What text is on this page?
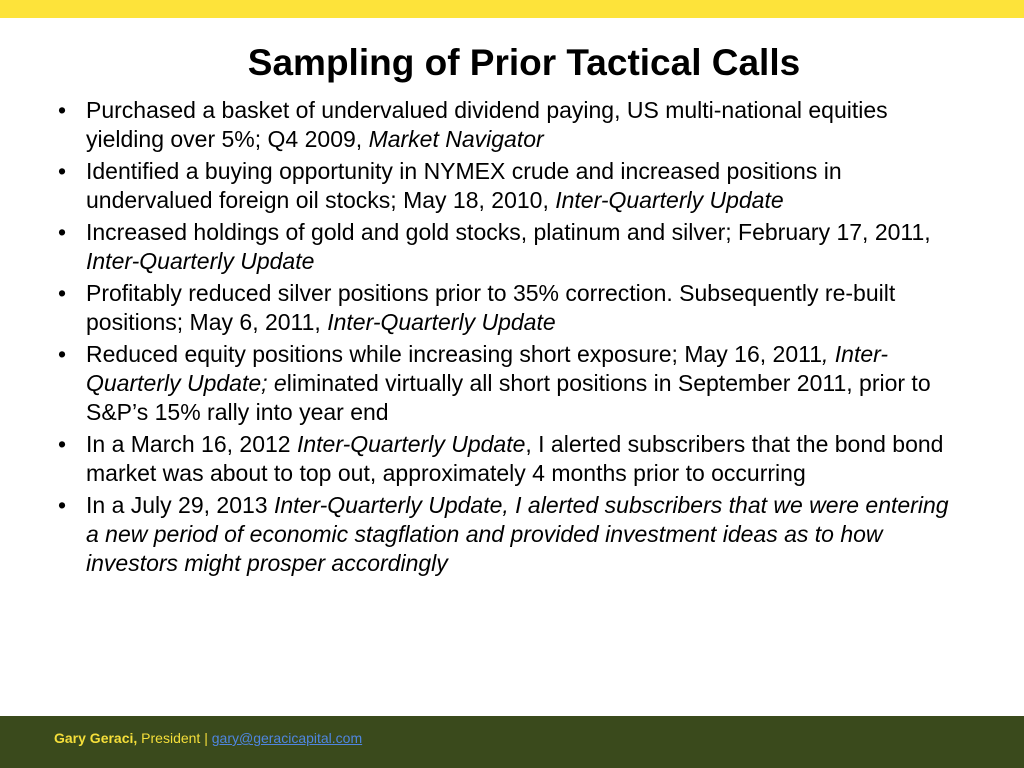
Sampling of Prior Tactical Calls
• Purchased a basket of undervalued dividend paying, US multi-national equities yielding over 5%; Q4 2009, Market Navigator
• Identified a buying opportunity in NYMEX crude and increased positions in undervalued foreign oil stocks; May 18, 2010, Inter-Quarterly Update
• Increased holdings of gold and gold stocks, platinum and silver; February 17, 2011, Inter-Quarterly Update
• Profitably reduced silver positions prior to 35% correction. Subsequently re-built positions; May 6, 2011, Inter-Quarterly Update
• Reduced equity positions while increasing short exposure; May 16, 2011, Inter-Quarterly Update; eliminated virtually all short positions in September 2011, prior to S&P’s 15% rally into year end
• In a March 16, 2012 Inter-Quarterly Update, I alerted subscribers that the bond bond market was about to top out, approximately 4 months prior to occurring
• In a July 29, 2013 Inter-Quarterly Update, I alerted subscribers that we were entering a new period of economic stagflation and provided investment ideas as to how investors might prosper accordingly
Gary Geraci, President | gary@geracicapital.com
